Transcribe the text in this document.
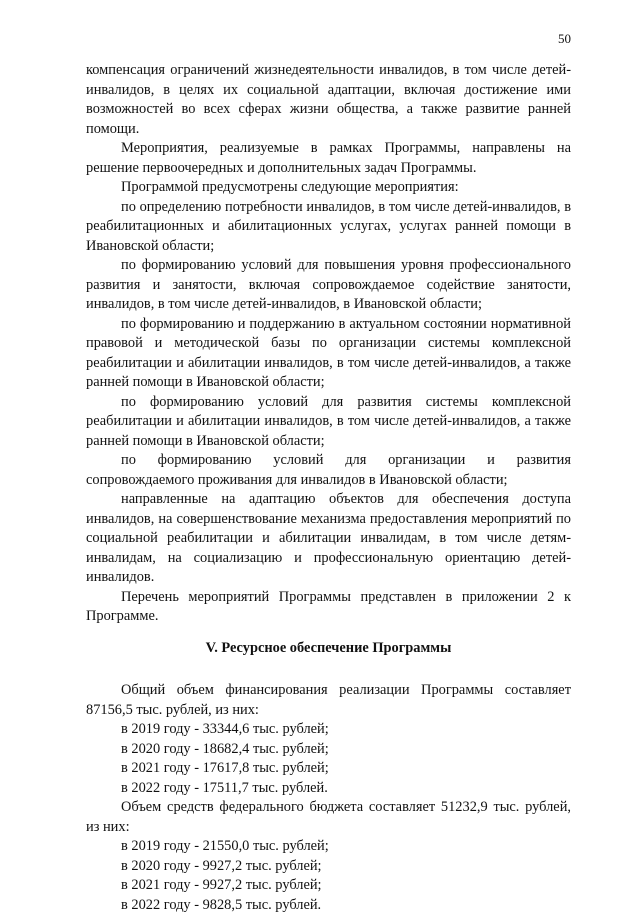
50

компенсация ограничений жизнедеятельности инвалидов, в том числе детей-инвалидов, в целях их социальной адаптации, включая достижение ими возможностей во всех сферах жизни общества, а также развитие ранней помощи.

Мероприятия, реализуемые в рамках Программы, направлены на решение первоочередных и дополнительных задач Программы.

Программой предусмотрены следующие мероприятия:

по определению потребности инвалидов, в том числе детей-инвалидов, в реабилитационных и абилитационных услугах, услугах ранней помощи в Ивановской области;

по формированию условий для повышения уровня профессионального развития и занятости, включая сопровождаемое содействие занятости, инвалидов, в том числе детей-инвалидов, в Ивановской области;

по формированию и поддержанию в актуальном состоянии нормативной правовой и методической базы по организации системы комплексной реабилитации и абилитации инвалидов, в том числе детей-инвалидов, а также ранней помощи в Ивановской области;

по формированию условий для развития системы комплексной реабилитации и абилитации инвалидов, в том числе детей-инвалидов, а также ранней помощи в Ивановской области;

по формированию условий для организации и развития сопровождаемого проживания для инвалидов в Ивановской области;

направленные на адаптацию объектов для обеспечения доступа инвалидов, на совершенствование механизма предоставления мероприятий по социальной реабилитации и абилитации инвалидам, в том числе детям-инвалидам, на социализацию и профессиональную ориентацию детей-инвалидов.

Перечень мероприятий Программы представлен в приложении 2 к Программе.

V. Ресурсное обеспечение Программы

Общий объем финансирования реализации Программы составляет 87156,5 тыс. рублей, из них:

в 2019 году - 33344,6 тыс. рублей;

в 2020 году - 18682,4 тыс. рублей;

в 2021 году - 17617,8 тыс. рублей;

в 2022 году - 17511,7 тыс. рублей.

Объем средств федерального бюджета составляет 51232,9 тыс. рублей, из них:

в 2019 году - 21550,0 тыс. рублей;

в 2020 году - 9927,2 тыс. рублей;

в 2021 году - 9927,2 тыс. рублей;

в 2022 году - 9828,5 тыс. рублей.
